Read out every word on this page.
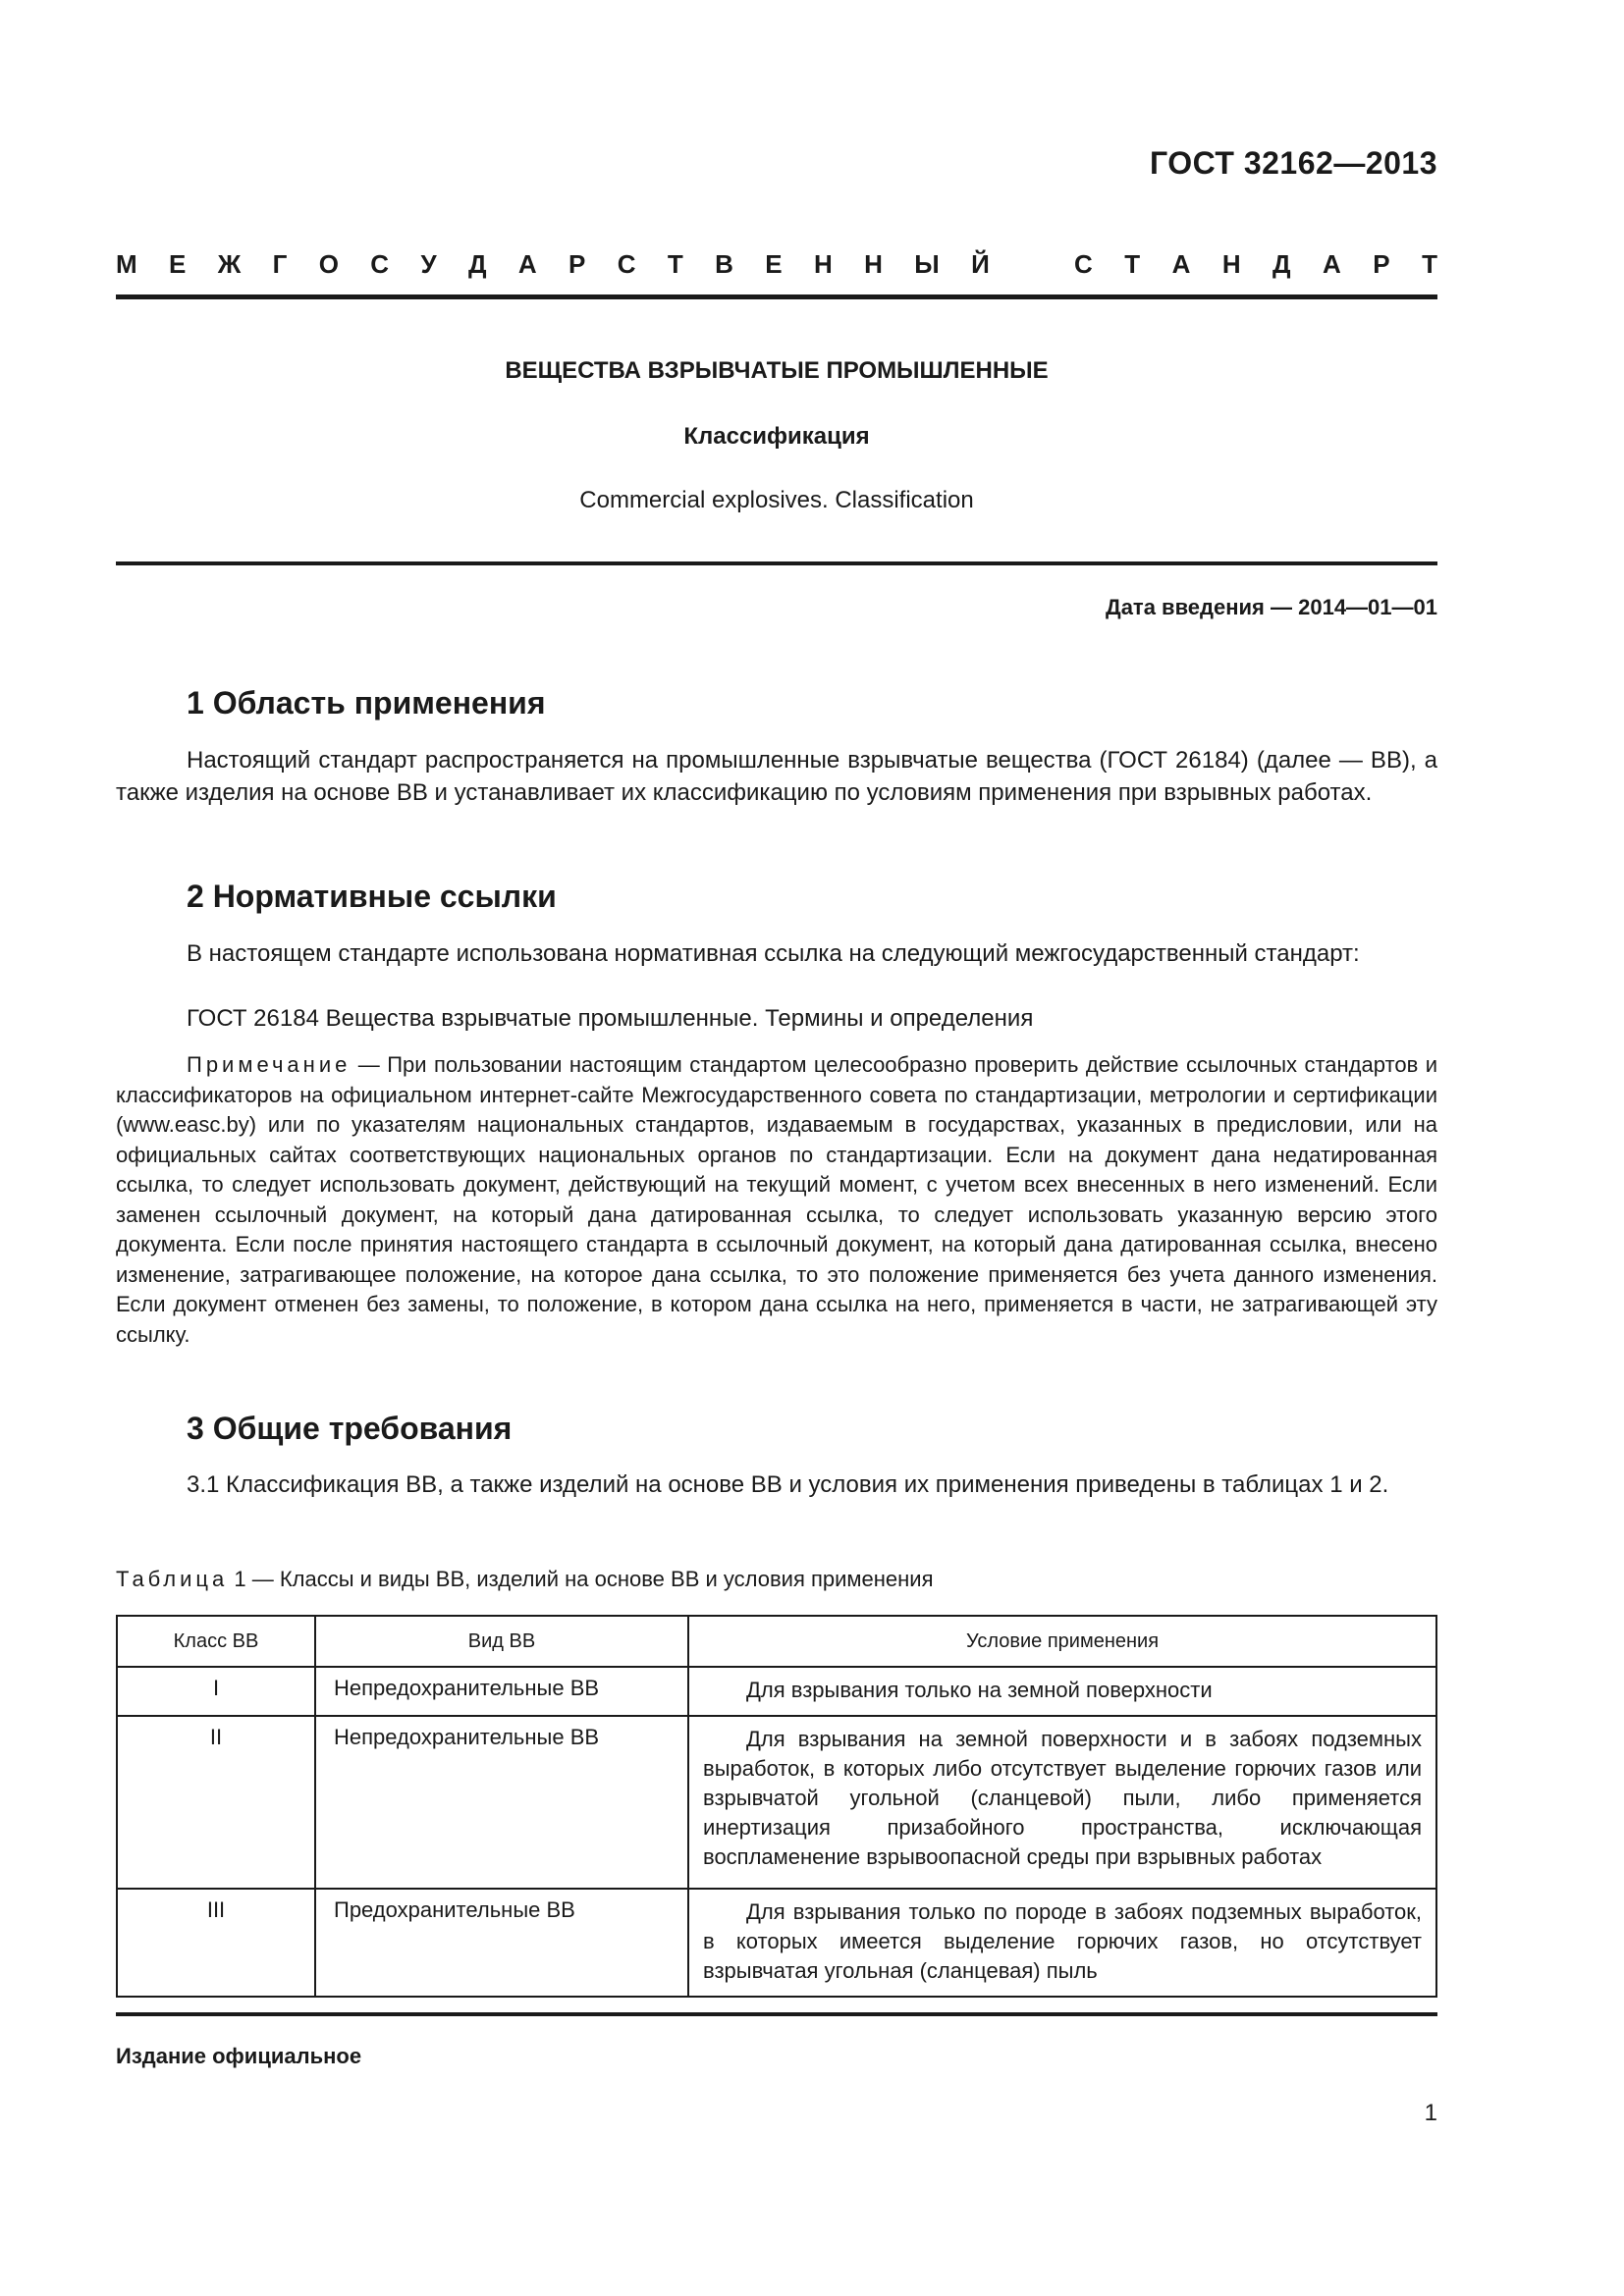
ГОСТ 32162—2013
М Е Ж Г О С У Д А Р С Т В Е Н Н Ы Й	С Т А Н Д А Р Т
ВЕЩЕСТВА ВЗРЫВЧАТЫЕ ПРОМЫШЛЕННЫЕ
Классификация
Commercial explosives. Classification
Дата введения — 2014—01—01
1 Область применения
Настоящий стандарт распространяется на промышленные взрывчатые вещества (ГОСТ 26184) (далее — ВВ), а также изделия на основе ВВ и устанавливает их классификацию по условиям применения при взрывных работах.
2 Нормативные ссылки
В настоящем стандарте использована нормативная ссылка на следующий межгосударственный стандарт:
ГОСТ 26184 Вещества взрывчатые промышленные. Термины и определения
Примечание — При пользовании настоящим стандартом целесообразно проверить действие ссылочных стандартов и классификаторов на официальном интернет-сайте Межгосударственного совета по стандартизации, метрологии и сертификации (www.easc.by) или по указателям национальных стандартов, издаваемым в государствах, указанных в предисловии, или на официальных сайтах соответствующих национальных органов по стандартизации. Если на документ дана недатированная ссылка, то следует использовать документ, действующий на текущий момент, с учетом всех внесенных в него изменений. Если заменен ссылочный документ, на который дана датированная ссылка, то следует использовать указанную версию этого документа. Если после принятия настоящего стандарта в ссылочный документ, на который дана датированная ссылка, внесено изменение, затрагивающее положение, на которое дана ссылка, то это положение применяется без учета данного изменения. Если документ отменен без замены, то положение, в котором дана ссылка на него, применяется в части, не затрагивающей эту ссылку.
3 Общие требования
3.1 Классификация ВВ, а также изделий на основе ВВ и условия их применения приведены в таблицах 1 и 2.
Таблица 1 — Классы и виды ВВ, изделий на основе ВВ и условия применения
Класс ВВ	Вид ВВ	Условие применения
I	Непредохранительные ВВ	Для взрывания только на земной поверхности
II	Непредохранительные ВВ	Для взрывания на земной поверхности и в забоях подземных выработок, в которых либо отсутствует выделение горючих газов или взрывчатой угольной (сланцевой) пыли, либо применяется инертизация призабойного пространства, исключающая воспламенение взрывоопасной среды при взрывных работах
III	Предохранительные ВВ	Для взрывания только по породе в забоях подземных выработок, в которых имеется выделение горючих газов, но отсутствует взрывчатая угольная (сланцевая) пыль
Издание официальное
1
